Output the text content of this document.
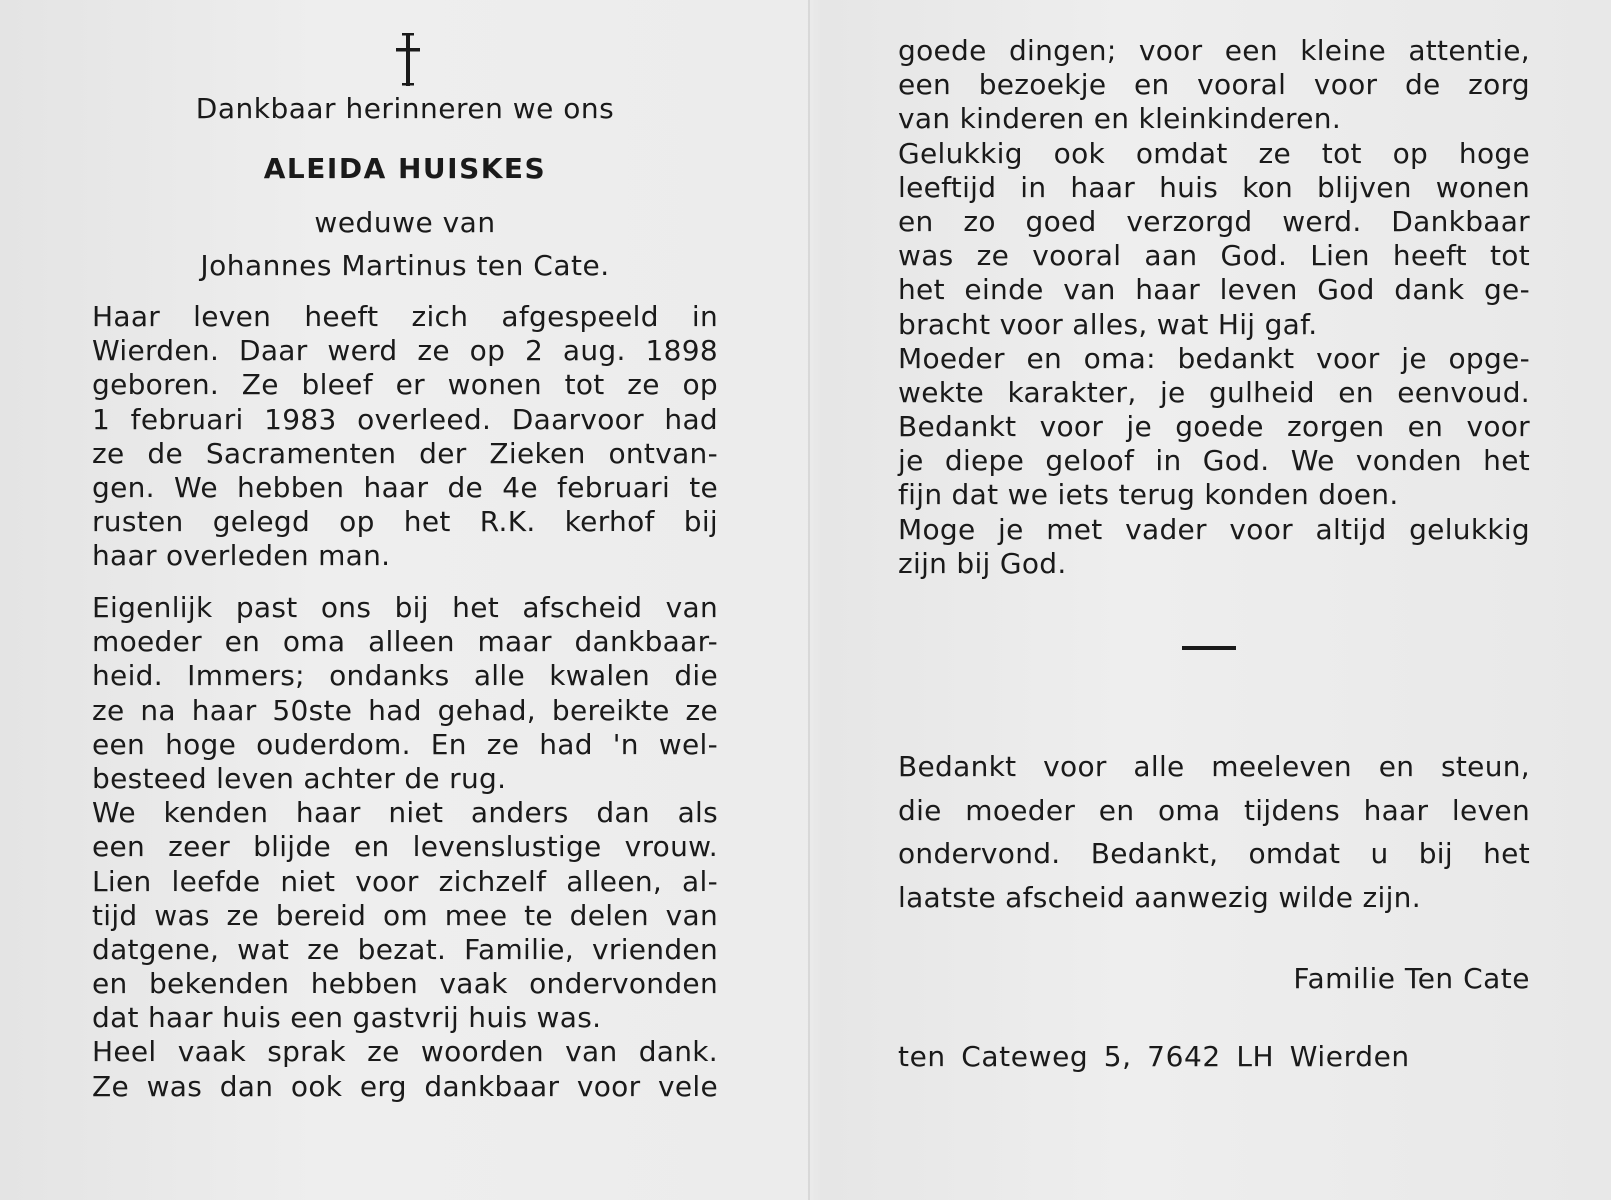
Dankbaar herinneren we ons
ALEIDA HUISKES
weduwe van
Johannes Martinus ten Cate.
Haar leven heeft zich afgespeeld in
Wierden. Daar werd ze op 2 aug. 1898
geboren. Ze bleef er wonen tot ze op
1 februari 1983 overleed. Daarvoor had
ze de Sacramenten der Zieken ontvan-
gen. We hebben haar de 4e februari te
rusten gelegd op het R.K. kerhof bij
haar overleden man.
Eigenlijk past ons bij het afscheid van
moeder en oma alleen maar dankbaar-
heid. Immers; ondanks alle kwalen die
ze na haar 50ste had gehad, bereikte ze
een hoge ouderdom. En ze had 'n wel-
besteed leven achter de rug.
We kenden haar niet anders dan als
een zeer blijde en levenslustige vrouw.
Lien leefde niet voor zichzelf alleen, al-
tijd was ze bereid om mee te delen van
datgene, wat ze bezat. Familie, vrienden
en bekenden hebben vaak ondervonden
dat haar huis een gastvrij huis was.
Heel vaak sprak ze woorden van dank.
Ze was dan ook erg dankbaar voor vele
goede dingen; voor een kleine attentie,
een bezoekje en vooral voor de zorg
van kinderen en kleinkinderen.
Gelukkig ook omdat ze tot op hoge
leeftijd in haar huis kon blijven wonen
en zo goed verzorgd werd. Dankbaar
was ze vooral aan God. Lien heeft tot
het einde van haar leven God dank ge-
bracht voor alles, wat Hij gaf.
Moeder en oma: bedankt voor je opge-
wekte karakter, je gulheid en eenvoud.
Bedankt voor je goede zorgen en voor
je diepe geloof in God. We vonden het
fijn dat we iets terug konden doen.
Moge je met vader voor altijd gelukkig
zijn bij God.
Bedankt voor alle meeleven en steun,
die moeder en oma tijdens haar leven
ondervond. Bedankt, omdat u bij het
laatste afscheid aanwezig wilde zijn.
Familie Ten Cate
ten Cateweg 5, 7642 LH Wierden
